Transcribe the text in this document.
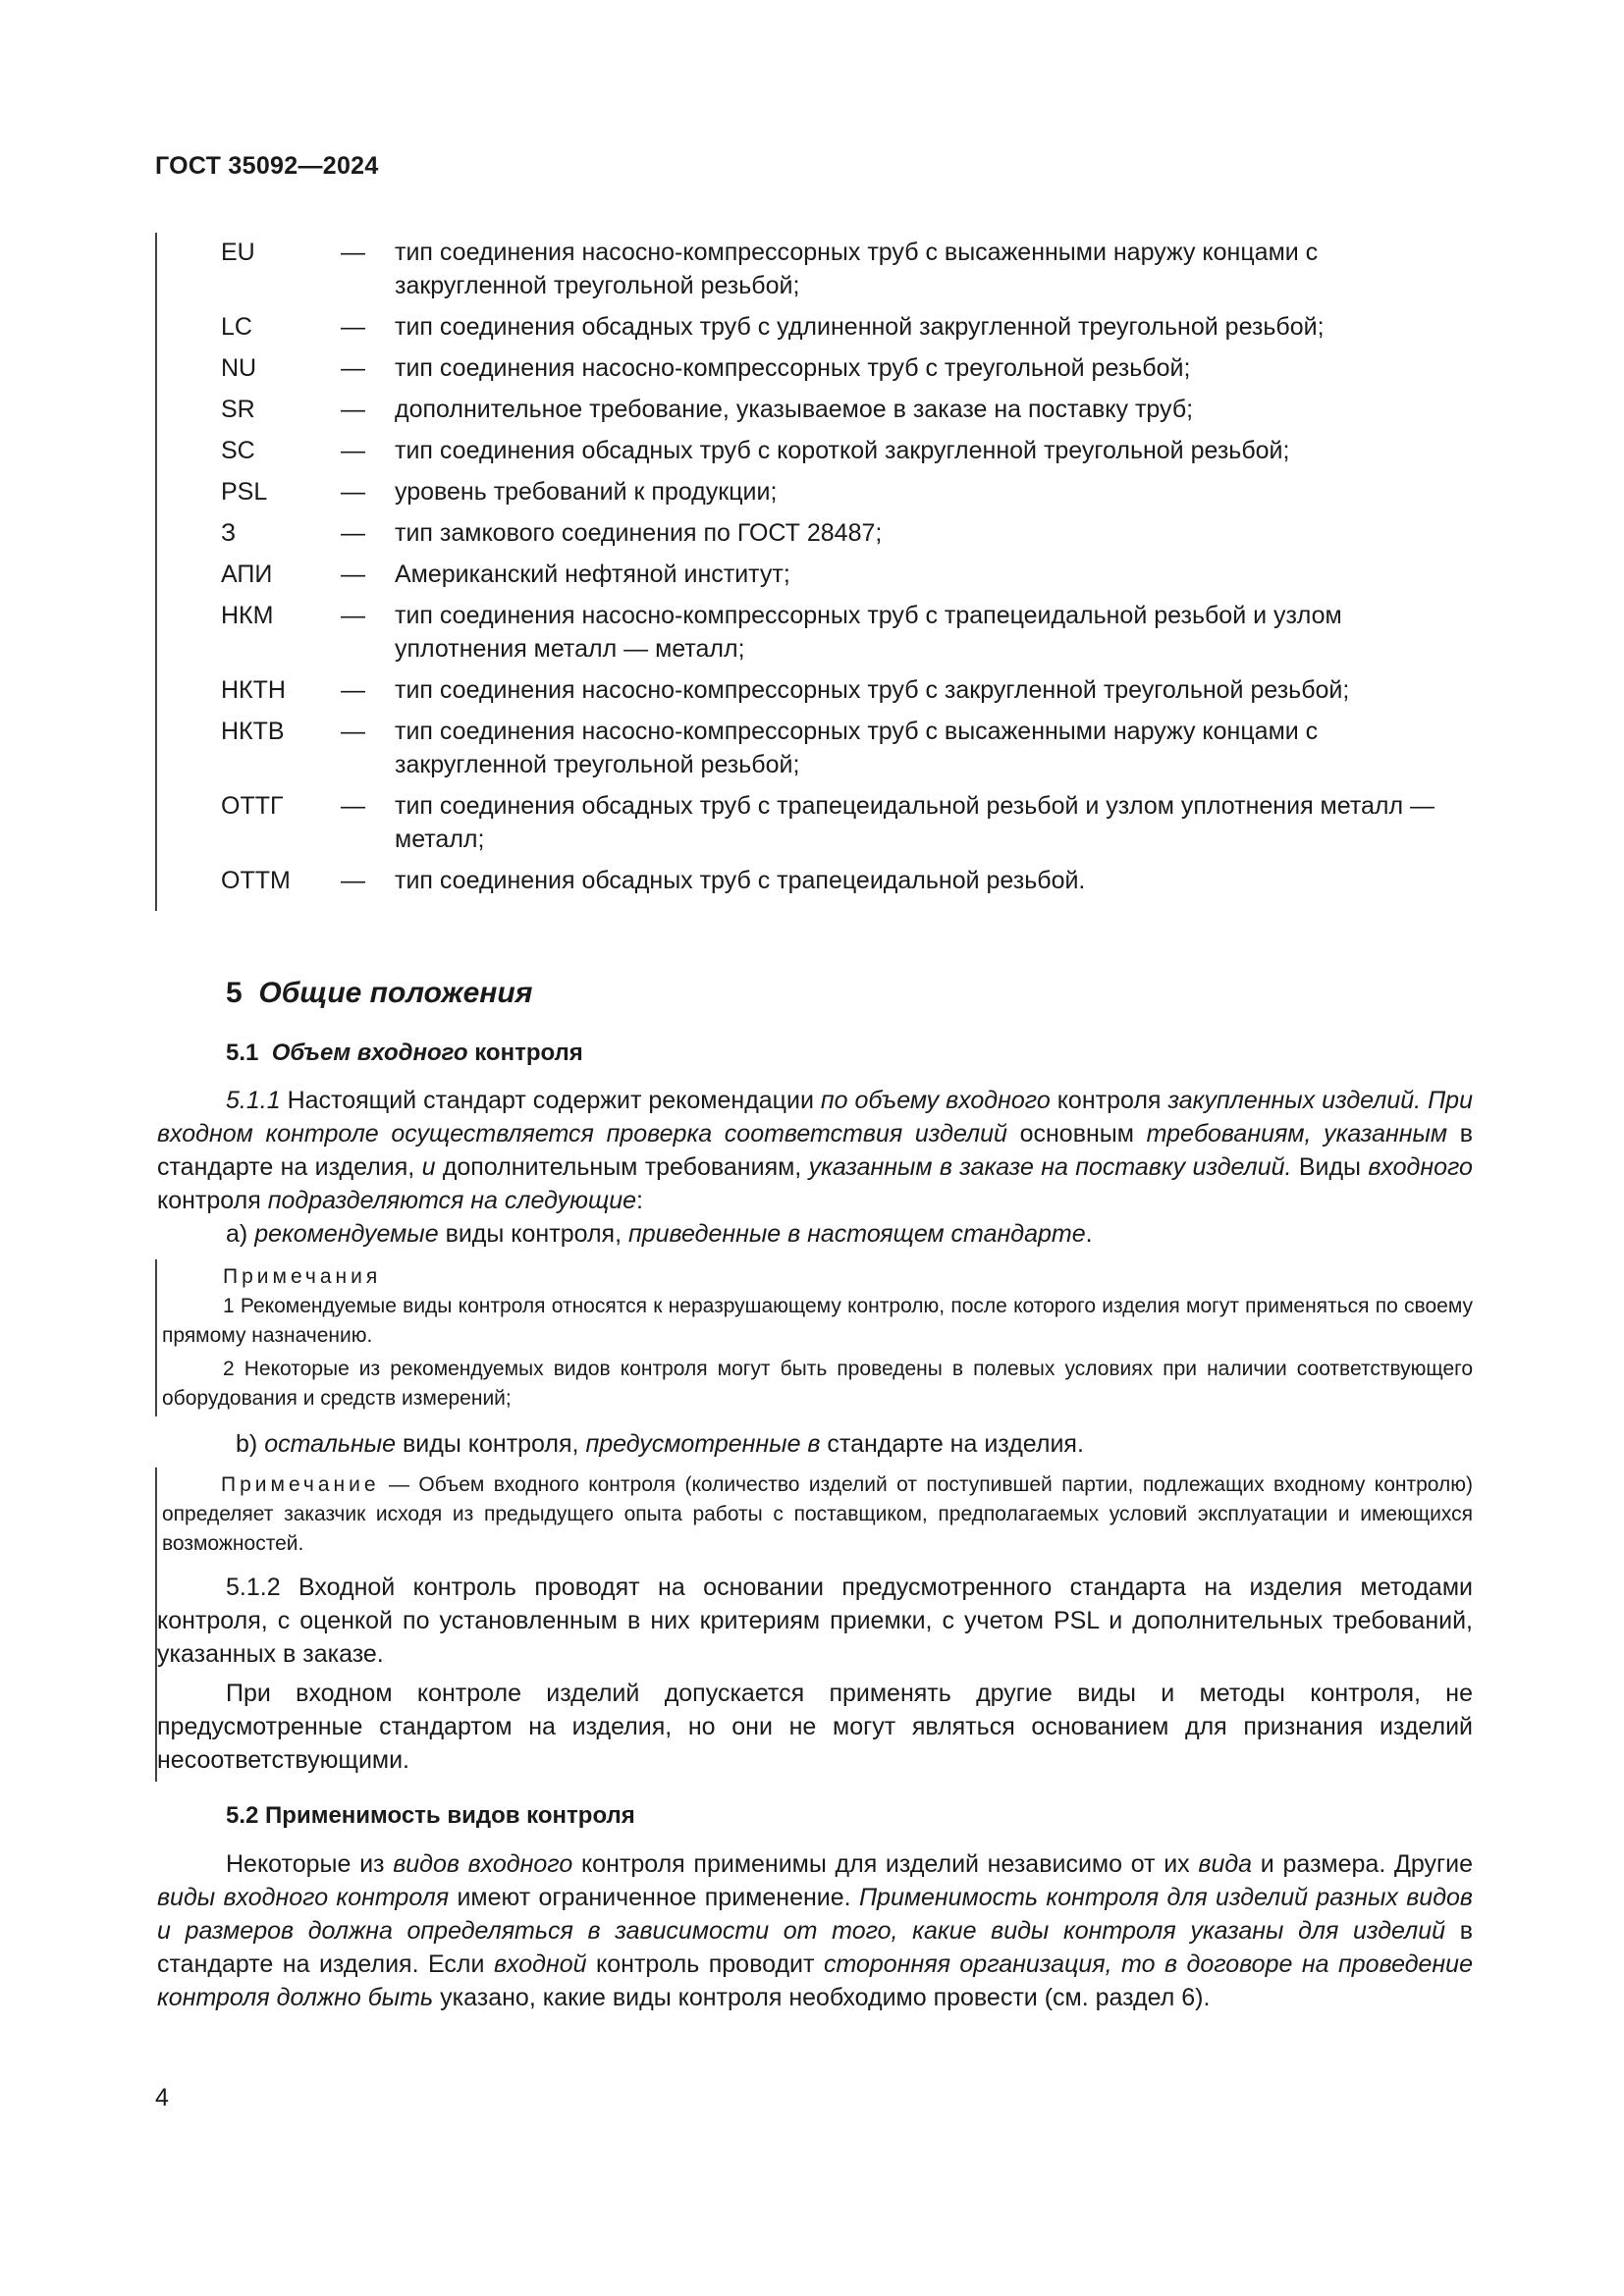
ГОСТ 35092—2024
EU	—	тип соединения насосно-компрессорных труб с высаженными наружу концами с закругленной треугольной резьбой;
LC	—	тип соединения обсадных труб с удлиненной закругленной треугольной резьбой;
NU	—	тип соединения насосно-компрессорных труб с треугольной резьбой;
SR	—	дополнительное требование, указываемое в заказе на поставку труб;
SC	—	тип соединения обсадных труб с короткой закругленной треугольной резьбой;
PSL	—	уровень требований к продукции;
З	—	тип замкового соединения по ГОСТ 28487;
АПИ	—	Американский нефтяной институт;
НКМ	—	тип соединения насосно-компрессорных труб с трапецеидальной резьбой и узлом уплотнения металл — металл;
НКТН	—	тип соединения насосно-компрессорных труб с закругленной треугольной резьбой;
НКТВ	—	тип соединения насосно-компрессорных труб с высаженными наружу концами с закругленной треугольной резьбой;
ОТТГ	—	тип соединения обсадных труб с трапецеидальной резьбой и узлом уплотнения металл — металл;
ОТТМ	—	тип соединения обсадных труб с трапецеидальной резьбой.
5 Общие положения
5.1 Объем входного контроля
5.1.1 Настоящий стандарт содержит рекомендации по объему входного контроля закупленных изделий. При входном контроле осуществляется проверка соответствия изделий основным требованиям, указанным в стандарте на изделия, и дополнительным требованиям, указанным в заказе на поставку изделий. Виды входного контроля подразделяются на следующие:
а) рекомендуемые виды контроля, приведенные в настоящем стандарте.
Примечания
1 Рекомендуемые виды контроля относятся к неразрушающему контролю, после которого изделия могут применяться по своему прямому назначению.
2 Некоторые из рекомендуемых видов контроля могут быть проведены в полевых условиях при наличии соответствующего оборудования и средств измерений;
b) остальные виды контроля, предусмотренные в стандарте на изделия.
Примечание — Объем входного контроля (количество изделий от поступившей партии, подлежащих входному контролю) определяет заказчик исходя из предыдущего опыта работы с поставщиком, предполагаемых условий эксплуатации и имеющихся возможностей.
5.1.2 Входной контроль проводят на основании предусмотренного стандарта на изделия методами контроля, с оценкой по установленным в них критериям приемки, с учетом PSL и дополнительных требований, указанных в заказе.
При входном контроле изделий допускается применять другие виды и методы контроля, не предусмотренные стандартом на изделия, но они не могут являться основанием для признания изделий несоответствующими.
5.2 Применимость видов контроля
Некоторые из видов входного контроля применимы для изделий независимо от их вида и размера. Другие виды входного контроля имеют ограниченное применение. Применимость контроля для изделий разных видов и размеров должна определяться в зависимости от того, какие виды контроля указаны для изделий в стандарте на изделия. Если входной контроль проводит сторонняя организация, то в договоре на проведение контроля должно быть указано, какие виды контроля необходимо провести (см. раздел 6).
4
